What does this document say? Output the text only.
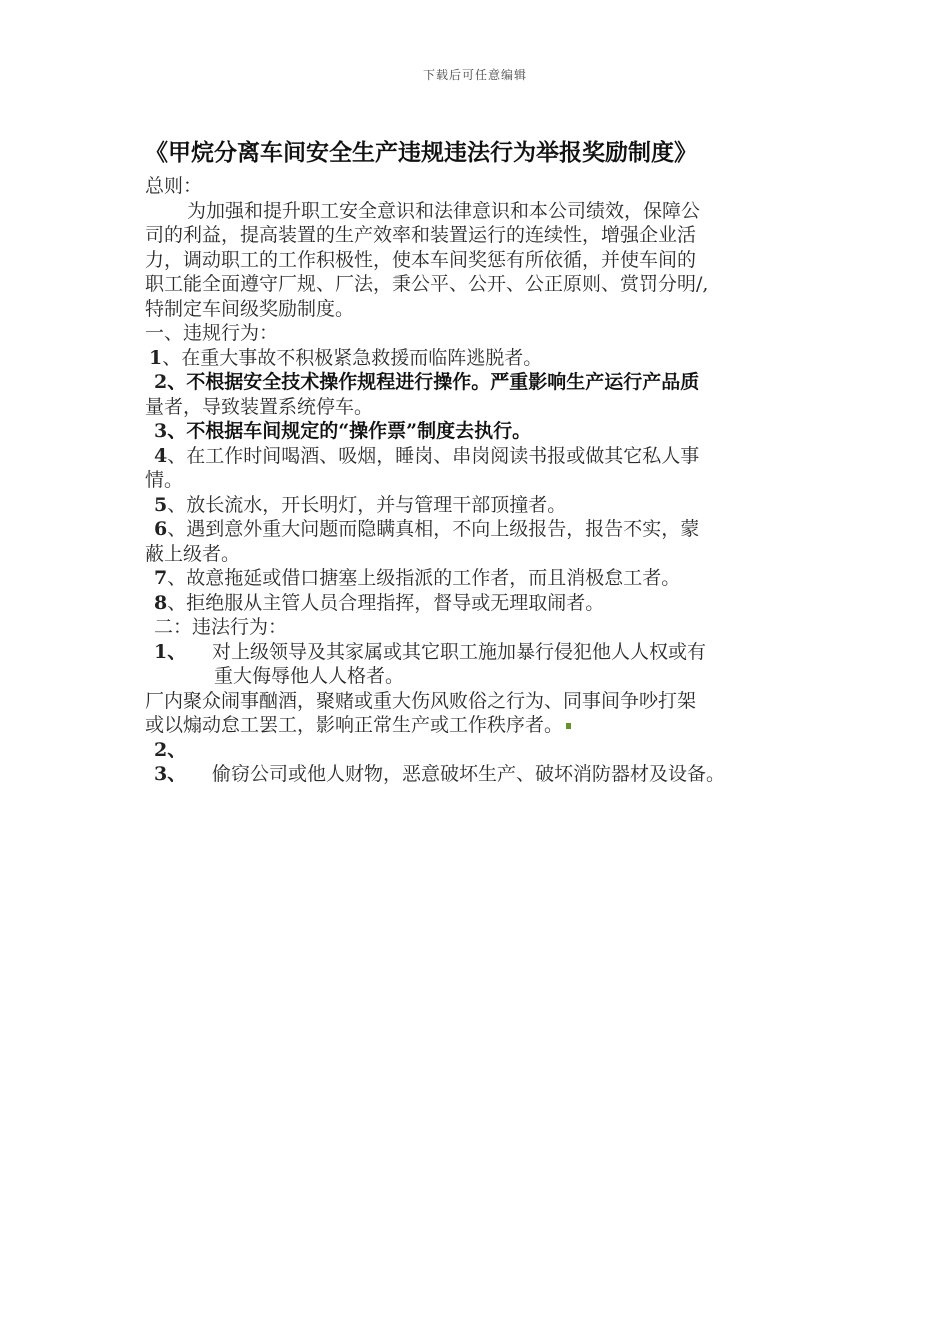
下载后可任意编辑
《甲烷分离车间安全生产违规违法行为举报奖励制度》
总则：
为加强和提升职工安全意识和法律意识和本公司绩效，保障公
司的利益，提高装置的生产效率和装置运行的连续性，增强企业活
力，调动职工的工作积极性，使本车间奖惩有所依循，并使车间的
职工能全面遵守厂规、厂法，秉公平、公开、公正原则、赏罚分明/,
特制定车间级奖励制度。
一、违规行为：
1、在重大事故不积极紧急救援而临阵逃脱者。
2、不根据安全技术操作规程进行操作。严重影响生产运行产品质
量者，导致装置系统停车。
3、不根据车间规定的“操作票”制度去执行。
4、在工作时间喝酒、吸烟，睡岗、串岗阅读书报或做其它私人事
情。
5、放长流水，开长明灯，并与管理干部顶撞者。
6、遇到意外重大问题而隐瞒真相，不向上级报告，报告不实，蒙
蔽上级者。
7、故意拖延或借口搪塞上级指派的工作者，而且消极怠工者。
8、拒绝服从主管人员合理指挥，督导或无理取闹者。
二：违法行为：
1、 对上级领导及其家属或其它职工施加暴行侵犯他人人权或有
重大侮辱他人人格者。
厂内聚众闹事酗酒，聚赌或重大伤风败俗之行为、同事间争吵打架
或以煽动怠工罢工，影响正常生产或工作秩序者。
2、
3、 偷窃公司或他人财物，恶意破坏生产、破坏消防器材及设备。
